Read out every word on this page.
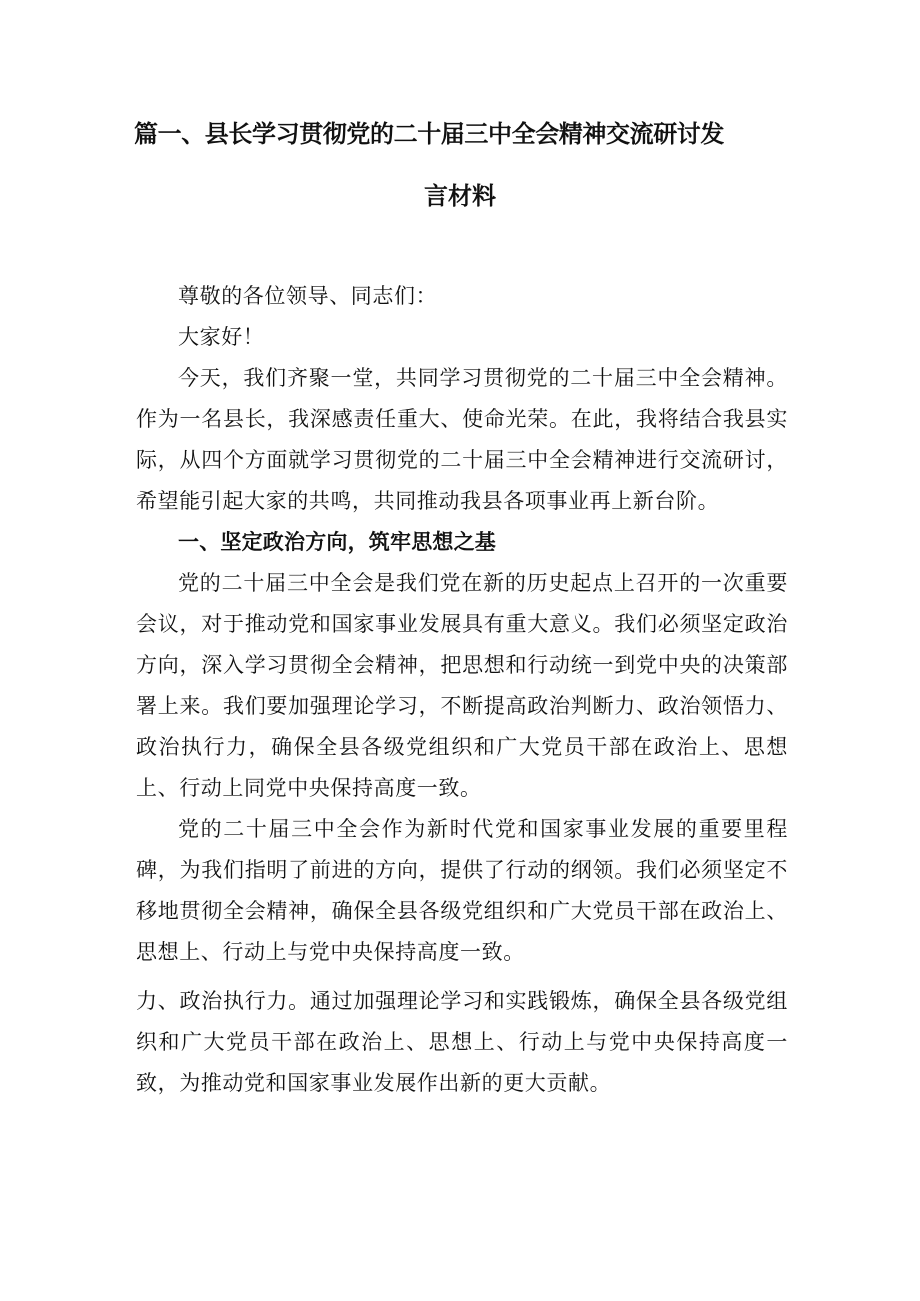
篇一、县长学习贯彻党的二十届三中全会精神交流研讨发
言材料

尊敬的各位领导、同志们：

大家好！

今天，我们齐聚一堂，共同学习贯彻党的二十届三中全会精神。作为一名县长，我深感责任重大、使命光荣。在此，我将结合我县实际，从四个方面就学习贯彻党的二十届三中全会精神进行交流研讨，希望能引起大家的共鸣，共同推动我县各项事业再上新台阶。

一、坚定政治方向，筑牢思想之基

党的二十届三中全会是我们党在新的历史起点上召开的一次重要会议，对于推动党和国家事业发展具有重大意义。我们必须坚定政治方向，深入学习贯彻全会精神，把思想和行动统一到党中央的决策部署上来。我们要加强理论学习，不断提高政治判断力、政治领悟力、政治执行力，确保全县各级党组织和广大党员干部在政治上、思想上、行动上同党中央保持高度一致。

党的二十届三中全会作为新时代党和国家事业发展的重要里程碑，为我们指明了前进的方向，提供了行动的纲领。我们必须坚定不移地贯彻全会精神，确保全县各级党组织和广大党员干部在政治上、思想上、行动上与党中央保持高度一致。

力、政治执行力。通过加强理论学习和实践锻炼，确保全县各级党组织和广大党员干部在政治上、思想上、行动上与党中央保持高度一致，为推动党和国家事业发展作出新的更大贡献。
